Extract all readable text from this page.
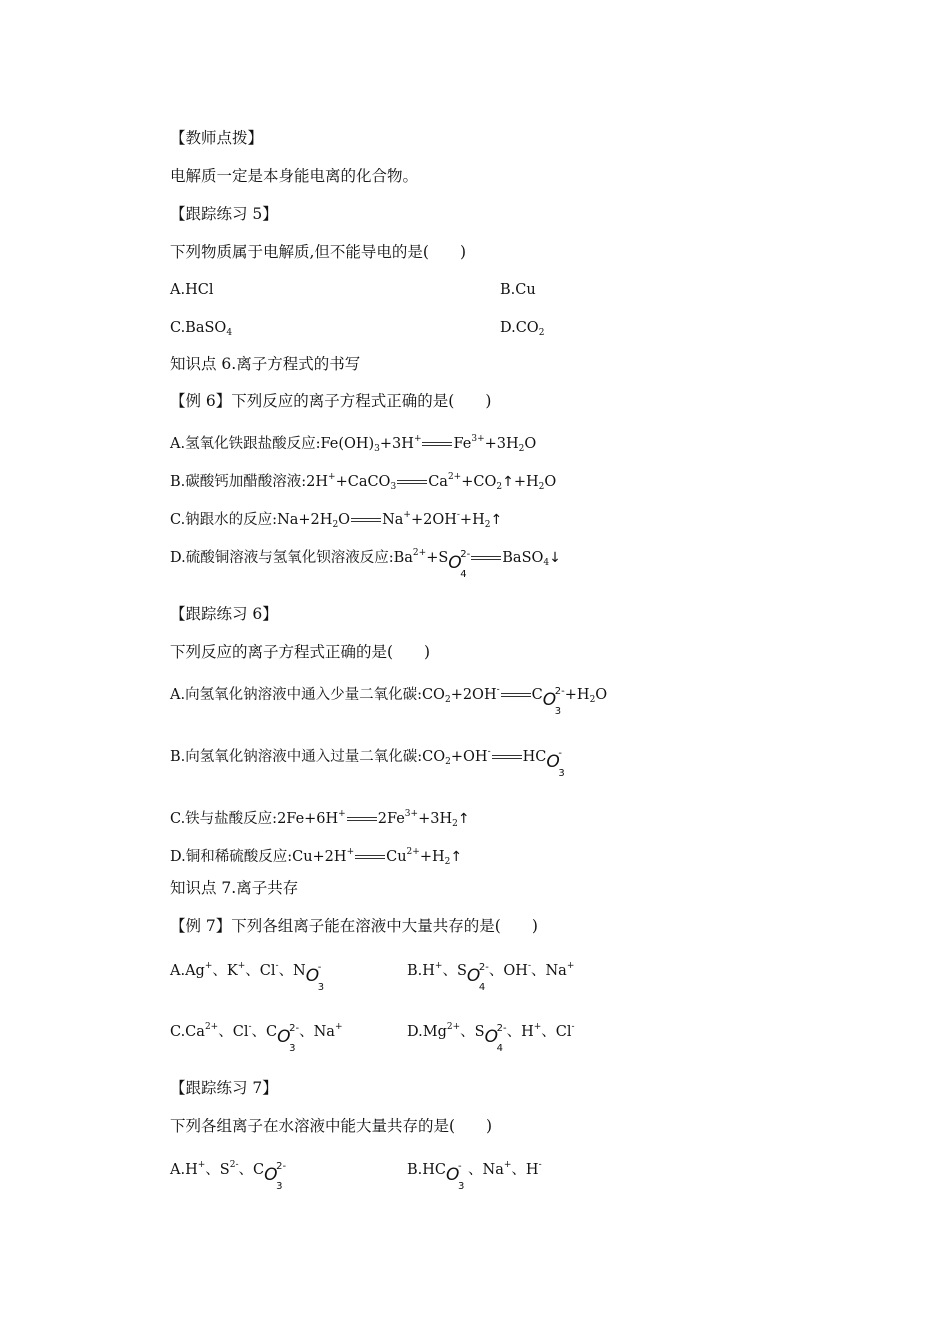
【教师点拨】
电解质一定是本身能电离的化合物。
【跟踪练习 5】
下列物质属于电解质,但不能导电的是(　　)
A.HCl	B.Cu
C.BaSO$_4$	$D.CO_2$
知识点 6.离子方程式的书写
【例 6】下列反应的离子方程式正确的是(　　)
A.氢氧化铁跟盐酸反应$:Fe(OH)_3+3H^+$ $Fe^{3+}+3H_2O$
B.碳酸钙加醋酸溶液:2H++CaCO$_3$ $Ca^{2+}+CO_2↑+H_2O$
C.钠跟水的反应$:Na+2H_2O$ $Na^++2OH^-+H_2↑$
D.硫酸铜溶液与氢氧化钡溶液反应$:Ba^{2+}+S$ O
4
2- BaSO$_4$↓
【跟踪练习 6】
下列反应的离子方程式正确的是(　　)
A.向氢氧化钠溶液中通入少量二氧化碳$:CO_2+2OH^-$ C O
3
$2- +H_2O$
B.向氢氧化钠溶液中通入过量二氧化碳$:CO_2+OH^-$ HC O
3
-
C.铁与盐酸反应:2Fe+6H+ $2Fe^{3+}+3H_2↑$
D.铜和稀硫酸反应:Cu+2H+ $Cu^{2+}+H_2↑$
知识点 7.离子共存
【例 7】下列各组离子能在溶液中大量共存的是(　　)
A.Ag+、K+、Cl-、N O
3
-	B.H+、S O
4
2- 、OH-、Na+
$C.Ca^{2+}$、Cl-、C O
3
2- 、Na+	$D.Mg^{2+}$、S O
4
2- 、H+、Cl-
【跟踪练习 7】
下列各组离子在水溶液中能大量共存的是(　　)
A.H+、$S^{2-}$、C O
3
2-	B.HC O
3
- 、Na+、H-
